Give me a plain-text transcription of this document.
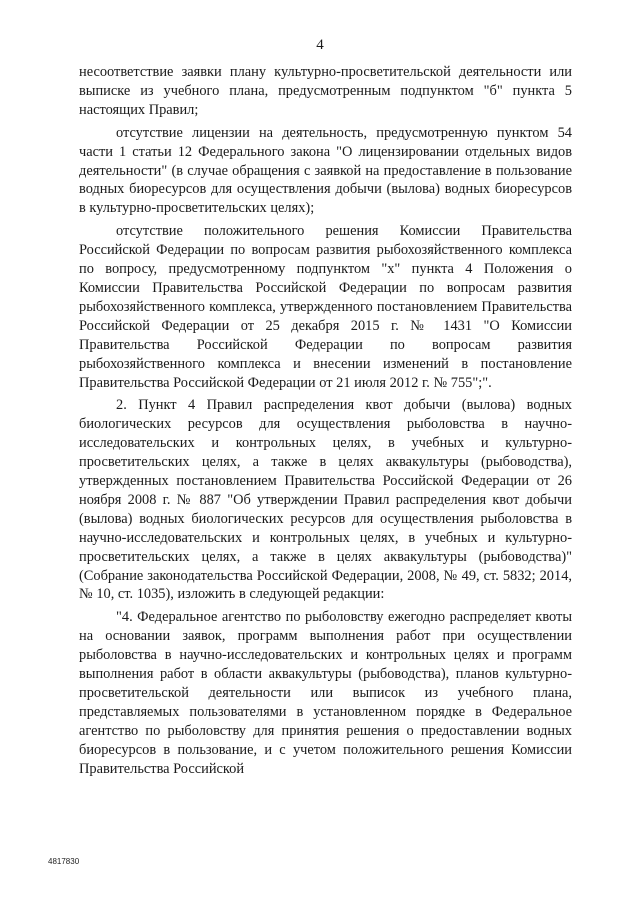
4

несоответствие заявки плану культурно-просветительской деятельности или выписке из учебного плана, предусмотренным подпунктом "б" пункта 5 настоящих Правил;

отсутствие лицензии на деятельность, предусмотренную пунктом 54 части 1 статьи 12 Федерального закона "О лицензировании отдельных видов деятельности" (в случае обращения с заявкой на предоставление в пользование водных биоресурсов для осуществления добычи (вылова) водных биоресурсов в культурно-просветительских целях);

отсутствие положительного решения Комиссии Правительства Российской Федерации по вопросам развития рыбохозяйственного комплекса по вопросу, предусмотренному подпунктом "х" пункта 4 Положения о Комиссии Правительства Российской Федерации по вопросам развития рыбохозяйственного комплекса, утвержденного постановлением Правительства Российской Федерации от 25 декабря 2015 г. № 1431 "О Комиссии Правительства Российской Федерации по вопросам развития рыбохозяйственного комплекса и внесении изменений в постановление Правительства Российской Федерации от 21 июля 2012 г. № 755";".

2. Пункт 4 Правил распределения квот добычи (вылова) водных биологических ресурсов для осуществления рыболовства в научно-исследовательских и контрольных целях, в учебных и культурно-просветительских целях, а также в целях аквакультуры (рыбоводства), утвержденных постановлением Правительства Российской Федерации от 26 ноября 2008 г. № 887 "Об утверждении Правил распределения квот добычи (вылова) водных биологических ресурсов для осуществления рыболовства в научно-исследовательских и контрольных целях, в учебных и культурно-просветительских целях, а также в целях аквакультуры (рыбоводства)" (Собрание законодательства Российской Федерации, 2008, № 49, ст. 5832; 2014, № 10, ст. 1035), изложить в следующей редакции:

"4. Федеральное агентство по рыболовству ежегодно распределяет квоты на основании заявок, программ выполнения работ при осуществлении рыболовства в научно-исследовательских и контрольных целях и программ выполнения работ в области аквакультуры (рыбоводства), планов культурно-просветительской деятельности или выписок из учебного плана, представляемых пользователями в установленном порядке в Федеральное агентство по рыболовству для принятия решения о предоставлении водных биоресурсов в пользование, и с учетом положительного решения Комиссии Правительства Российской

4817830
